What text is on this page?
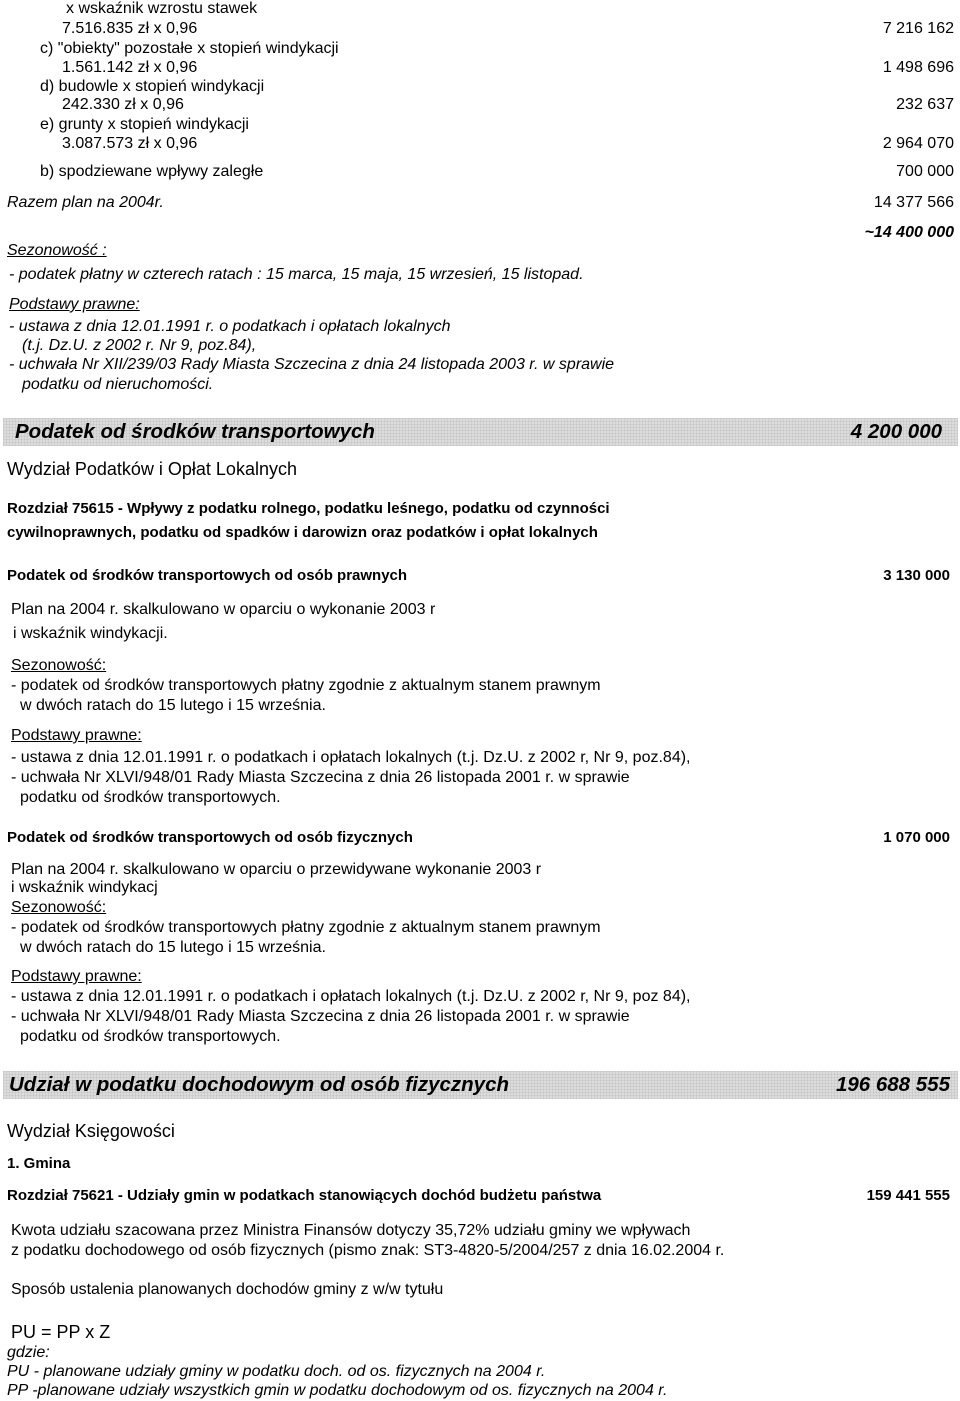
x wskaźnik wzrostu stawek
7.516.835 zł x 0,96	7 216 162
c) "obiekty" pozostałe x stopień windykacji
1.561.142 zł x 0,96	1 498 696
d) budowle x stopień windykacji
242.330 zł x 0,96	232 637
e) grunty x stopień windykacji
3.087.573 zł x 0,96	2 964 070
b) spodziewane wpływy zaległe	700 000
Razem plan na 2004r.	14 377 566
~14 400 000
Sezonowość :
- podatek płatny w czterech ratach : 15 marca, 15 maja, 15 wrzesień, 15 listopad.
Podstawy prawne:
- ustawa z dnia 12.01.1991 r. o podatkach i opłatach lokalnych
(t.j. Dz.U. z 2002 r. Nr 9, poz.84),
- uchwała Nr XII/239/03 Rady Miasta Szczecina z dnia 24 listopada 2003 r. w sprawie
podatku od nieruchomości.
Podatek od środków transportowych	4 200 000
Wydział Podatków i Opłat Lokalnych
Rozdział 75615 - Wpływy z podatku rolnego, podatku leśnego, podatku od czynności
cywilnoprawnych, podatku od spadków i darowizn oraz podatków i opłat lokalnych
Podatek od środków transportowych od osób prawnych	3 130 000
Plan na 2004 r. skalkulowano w oparciu o wykonanie 2003 r
i wskaźnik windykacji.
Sezonowość:
- podatek od środków transportowych płatny zgodnie z aktualnym stanem prawnym
w dwóch ratach do 15 lutego i 15 września.
Podstawy prawne:
- ustawa z dnia 12.01.1991 r. o podatkach i opłatach lokalnych (t.j. Dz.U. z 2002 r, Nr 9, poz.84),
- uchwała Nr XLVI/948/01 Rady Miasta Szczecina z dnia 26 listopada 2001 r. w sprawie
podatku od środków transportowych.
Podatek od środków transportowych od osób fizycznych	1 070 000
Plan na 2004 r. skalkulowano w oparciu o przewidywane wykonanie 2003 r
i wskaźnik windykacj
Sezonowość:
- podatek od środków transportowych płatny zgodnie z aktualnym stanem prawnym
w dwóch ratach do 15 lutego i 15 września.
Podstawy prawne:
- ustawa z dnia 12.01.1991 r. o podatkach i opłatach lokalnych (t.j. Dz.U. z 2002 r, Nr 9, poz 84),
- uchwała Nr XLVI/948/01 Rady Miasta Szczecina z dnia 26 listopada 2001 r. w sprawie
podatku od środków transportowych.
Udział w podatku dochodowym od osób fizycznych	196 688 555
Wydział Księgowości
1. Gmina
Rozdział 75621 - Udziały gmin w podatkach stanowiących dochód budżetu państwa	159 441 555
Kwota udziału szacowana przez Ministra Finansów dotyczy 35,72% udziału gminy we wpływach
z podatku dochodowego od osób fizycznych (pismo znak: ST3-4820-5/2004/257 z dnia 16.02.2004 r.
Sposób ustalenia planowanych dochodów gminy z w/w tytułu
PU = PP x Z
gdzie:
PU - planowane udziały gminy w podatku doch. od os. fizycznych na 2004 r.
PP -planowane udziały wszystkich gmin w podatku dochodowym od os. fizycznych na 2004 r.
